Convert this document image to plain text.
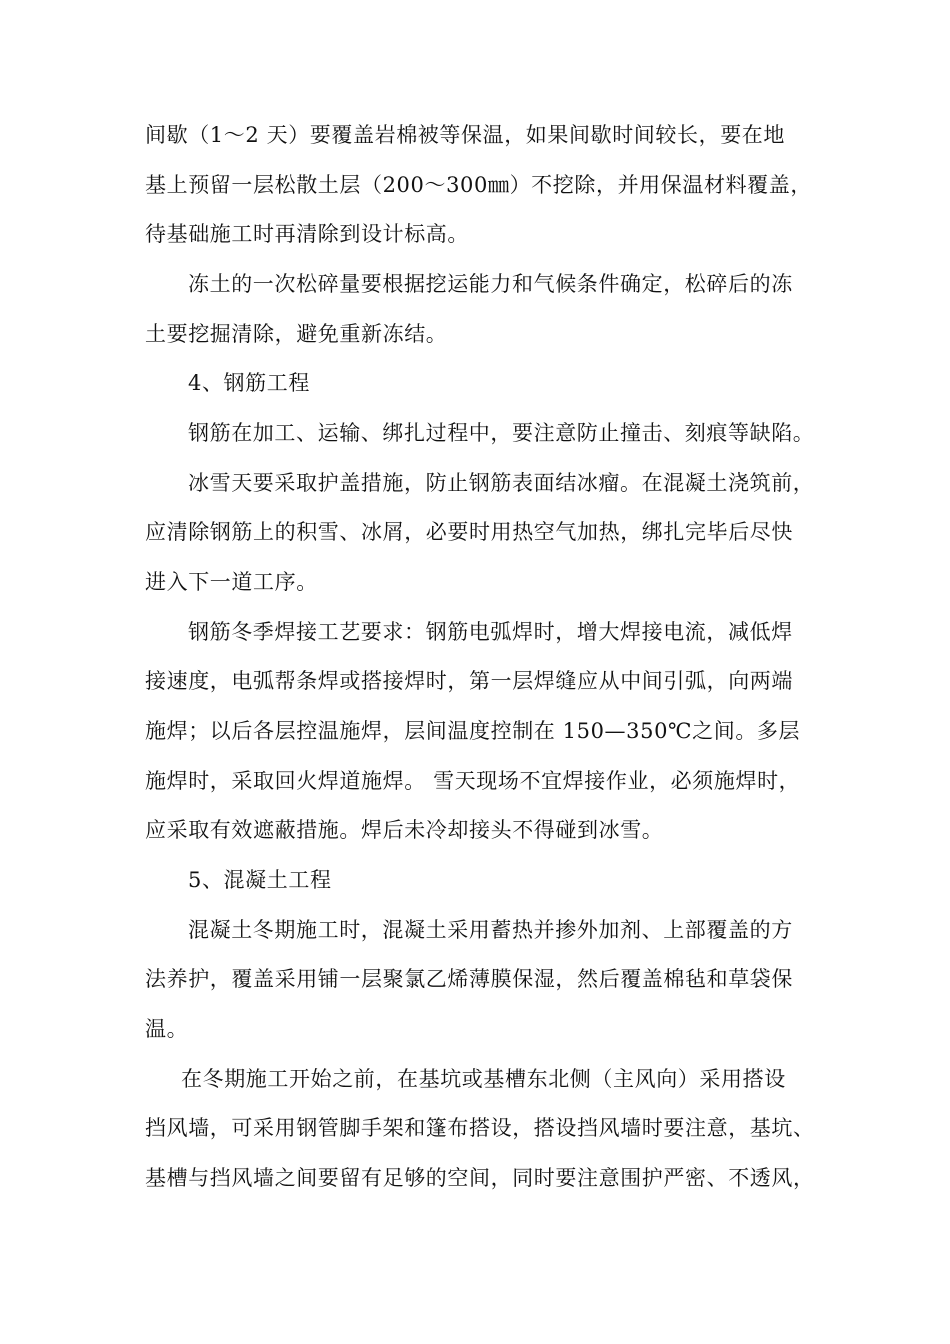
间歇（1～2 天）要覆盖岩棉被等保温，如果间歇时间较长，要在地
基上预留一层松散土层（200～300㎜）不挖除，并用保温材料覆盖，
待基础施工时再清除到设计标高。
冻土的一次松碎量要根据挖运能力和气候条件确定，松碎后的冻
土要挖掘清除，避免重新冻结。
4、钢筋工程
钢筋在加工、运输、绑扎过程中，要注意防止撞击、刻痕等缺陷。
冰雪天要采取护盖措施，防止钢筋表面结冰瘤。在混凝土浇筑前，
应清除钢筋上的积雪、冰屑，必要时用热空气加热，绑扎完毕后尽快
进入下一道工序。
钢筋冬季焊接工艺要求：钢筋电弧焊时，增大焊接电流，减低焊
接速度，电弧帮条焊或搭接焊时，第一层焊缝应从中间引弧，向两端
施焊；以后各层控温施焊，层间温度控制在 150—350℃之间。多层
施焊时，采取回火焊道施焊。 雪天现场不宜焊接作业，必须施焊时，
应采取有效遮蔽措施。焊后未冷却接头不得碰到冰雪。
5、混凝土工程
混凝土冬期施工时，混凝土采用蓄热并掺外加剂、上部覆盖的方
法养护，覆盖采用铺一层聚氯乙烯薄膜保湿，然后覆盖棉毡和草袋保
温。
在冬期施工开始之前，在基坑或基槽东北侧（主风向）采用搭设
挡风墙，可采用钢管脚手架和篷布搭设，搭设挡风墙时要注意，基坑、
基槽与挡风墙之间要留有足够的空间，同时要注意围护严密、不透风，
